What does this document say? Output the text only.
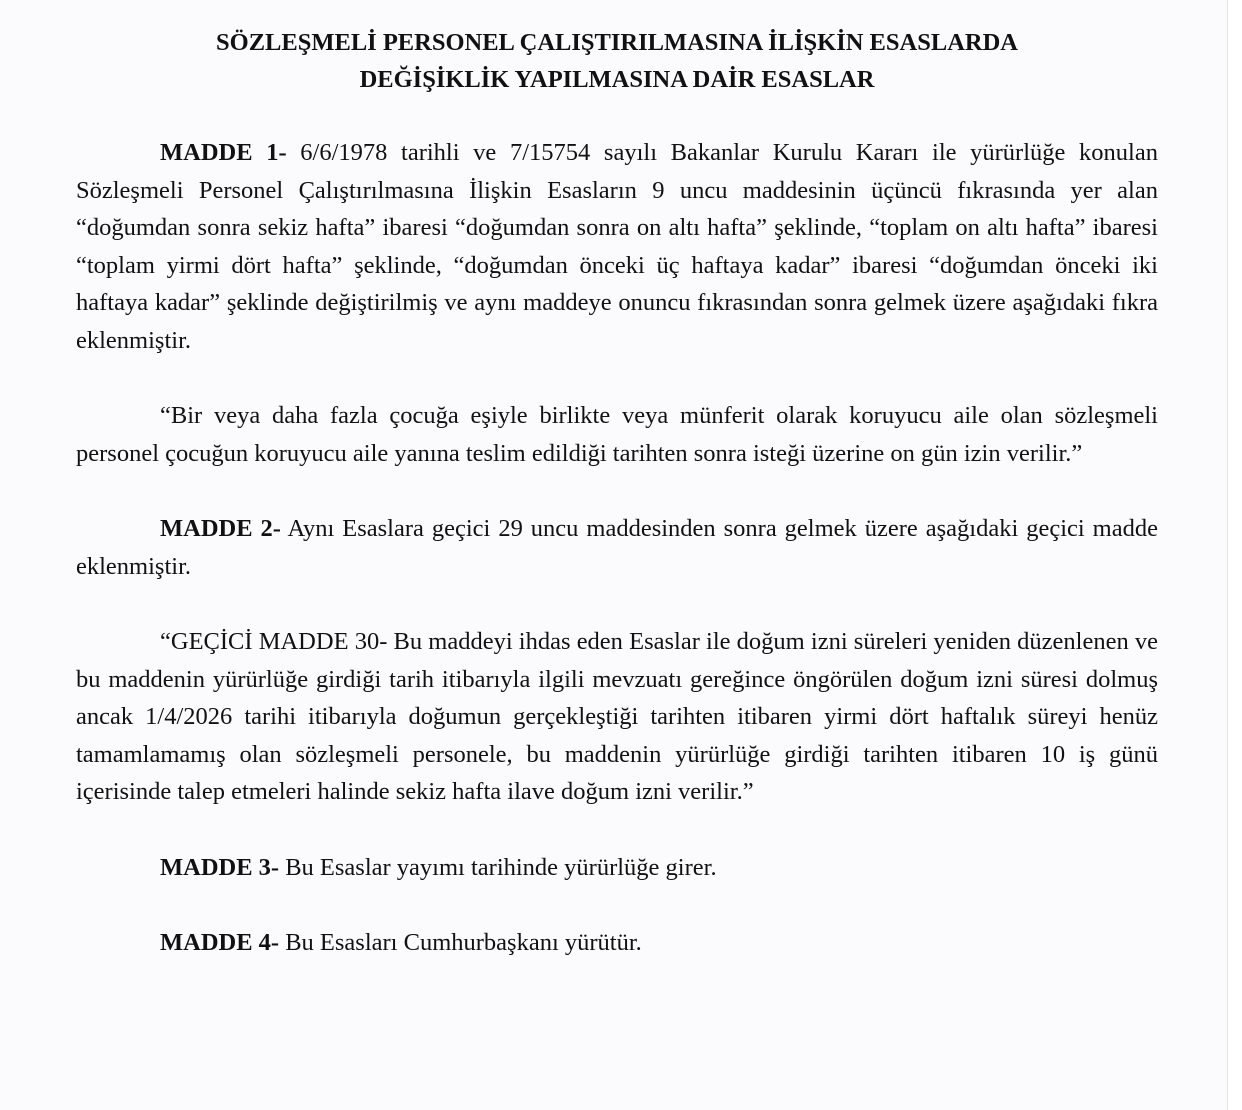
SÖZLEŞMELİ PERSONEL ÇALIŞTIRILMASINA İLİŞKİN ESASLARDA
DEĞİŞİKLİK YAPILMASINA DAİR ESASLAR

MADDE 1- 6/6/1978 tarihli ve 7/15754 sayılı Bakanlar Kurulu Kararı ile yürürlüğe konulan Sözleşmeli Personel Çalıştırılmasına İlişkin Esasların 9 uncu maddesinin üçüncü fıkrasında yer alan “doğumdan sonra sekiz hafta” ibaresi “doğumdan sonra on altı hafta” şeklinde, “toplam on altı hafta” ibaresi “toplam yirmi dört hafta” şeklinde, “doğumdan önceki üç haftaya kadar” ibaresi “doğumdan önceki iki haftaya kadar” şeklinde değiştirilmiş ve aynı maddeye onuncu fıkrasından sonra gelmek üzere aşağıdaki fıkra eklenmiştir.

“Bir veya daha fazla çocuğa eşiyle birlikte veya münferit olarak koruyucu aile olan sözleşmeli personel çocuğun koruyucu aile yanına teslim edildiği tarihten sonra isteği üzerine on gün izin verilir.”

MADDE 2- Aynı Esaslara geçici 29 uncu maddesinden sonra gelmek üzere aşağıdaki geçici madde eklenmiştir.

“GEÇİCİ MADDE 30- Bu maddeyi ihdas eden Esaslar ile doğum izni süreleri yeniden düzenlenen ve bu maddenin yürürlüğe girdiği tarih itibarıyla ilgili mevzuatı gereğince öngörülen doğum izni süresi dolmuş ancak 1/4/2026 tarihi itibarıyla doğumun gerçekleştiği tarihten itibaren yirmi dört haftalık süreyi henüz tamamlamamış olan sözleşmeli personele, bu maddenin yürürlüğe girdiği tarihten itibaren 10 iş günü içerisinde talep etmeleri halinde sekiz hafta ilave doğum izni verilir.”

MADDE 3- Bu Esaslar yayımı tarihinde yürürlüğe girer.

MADDE 4- Bu Esasları Cumhurbaşkanı yürütür.
